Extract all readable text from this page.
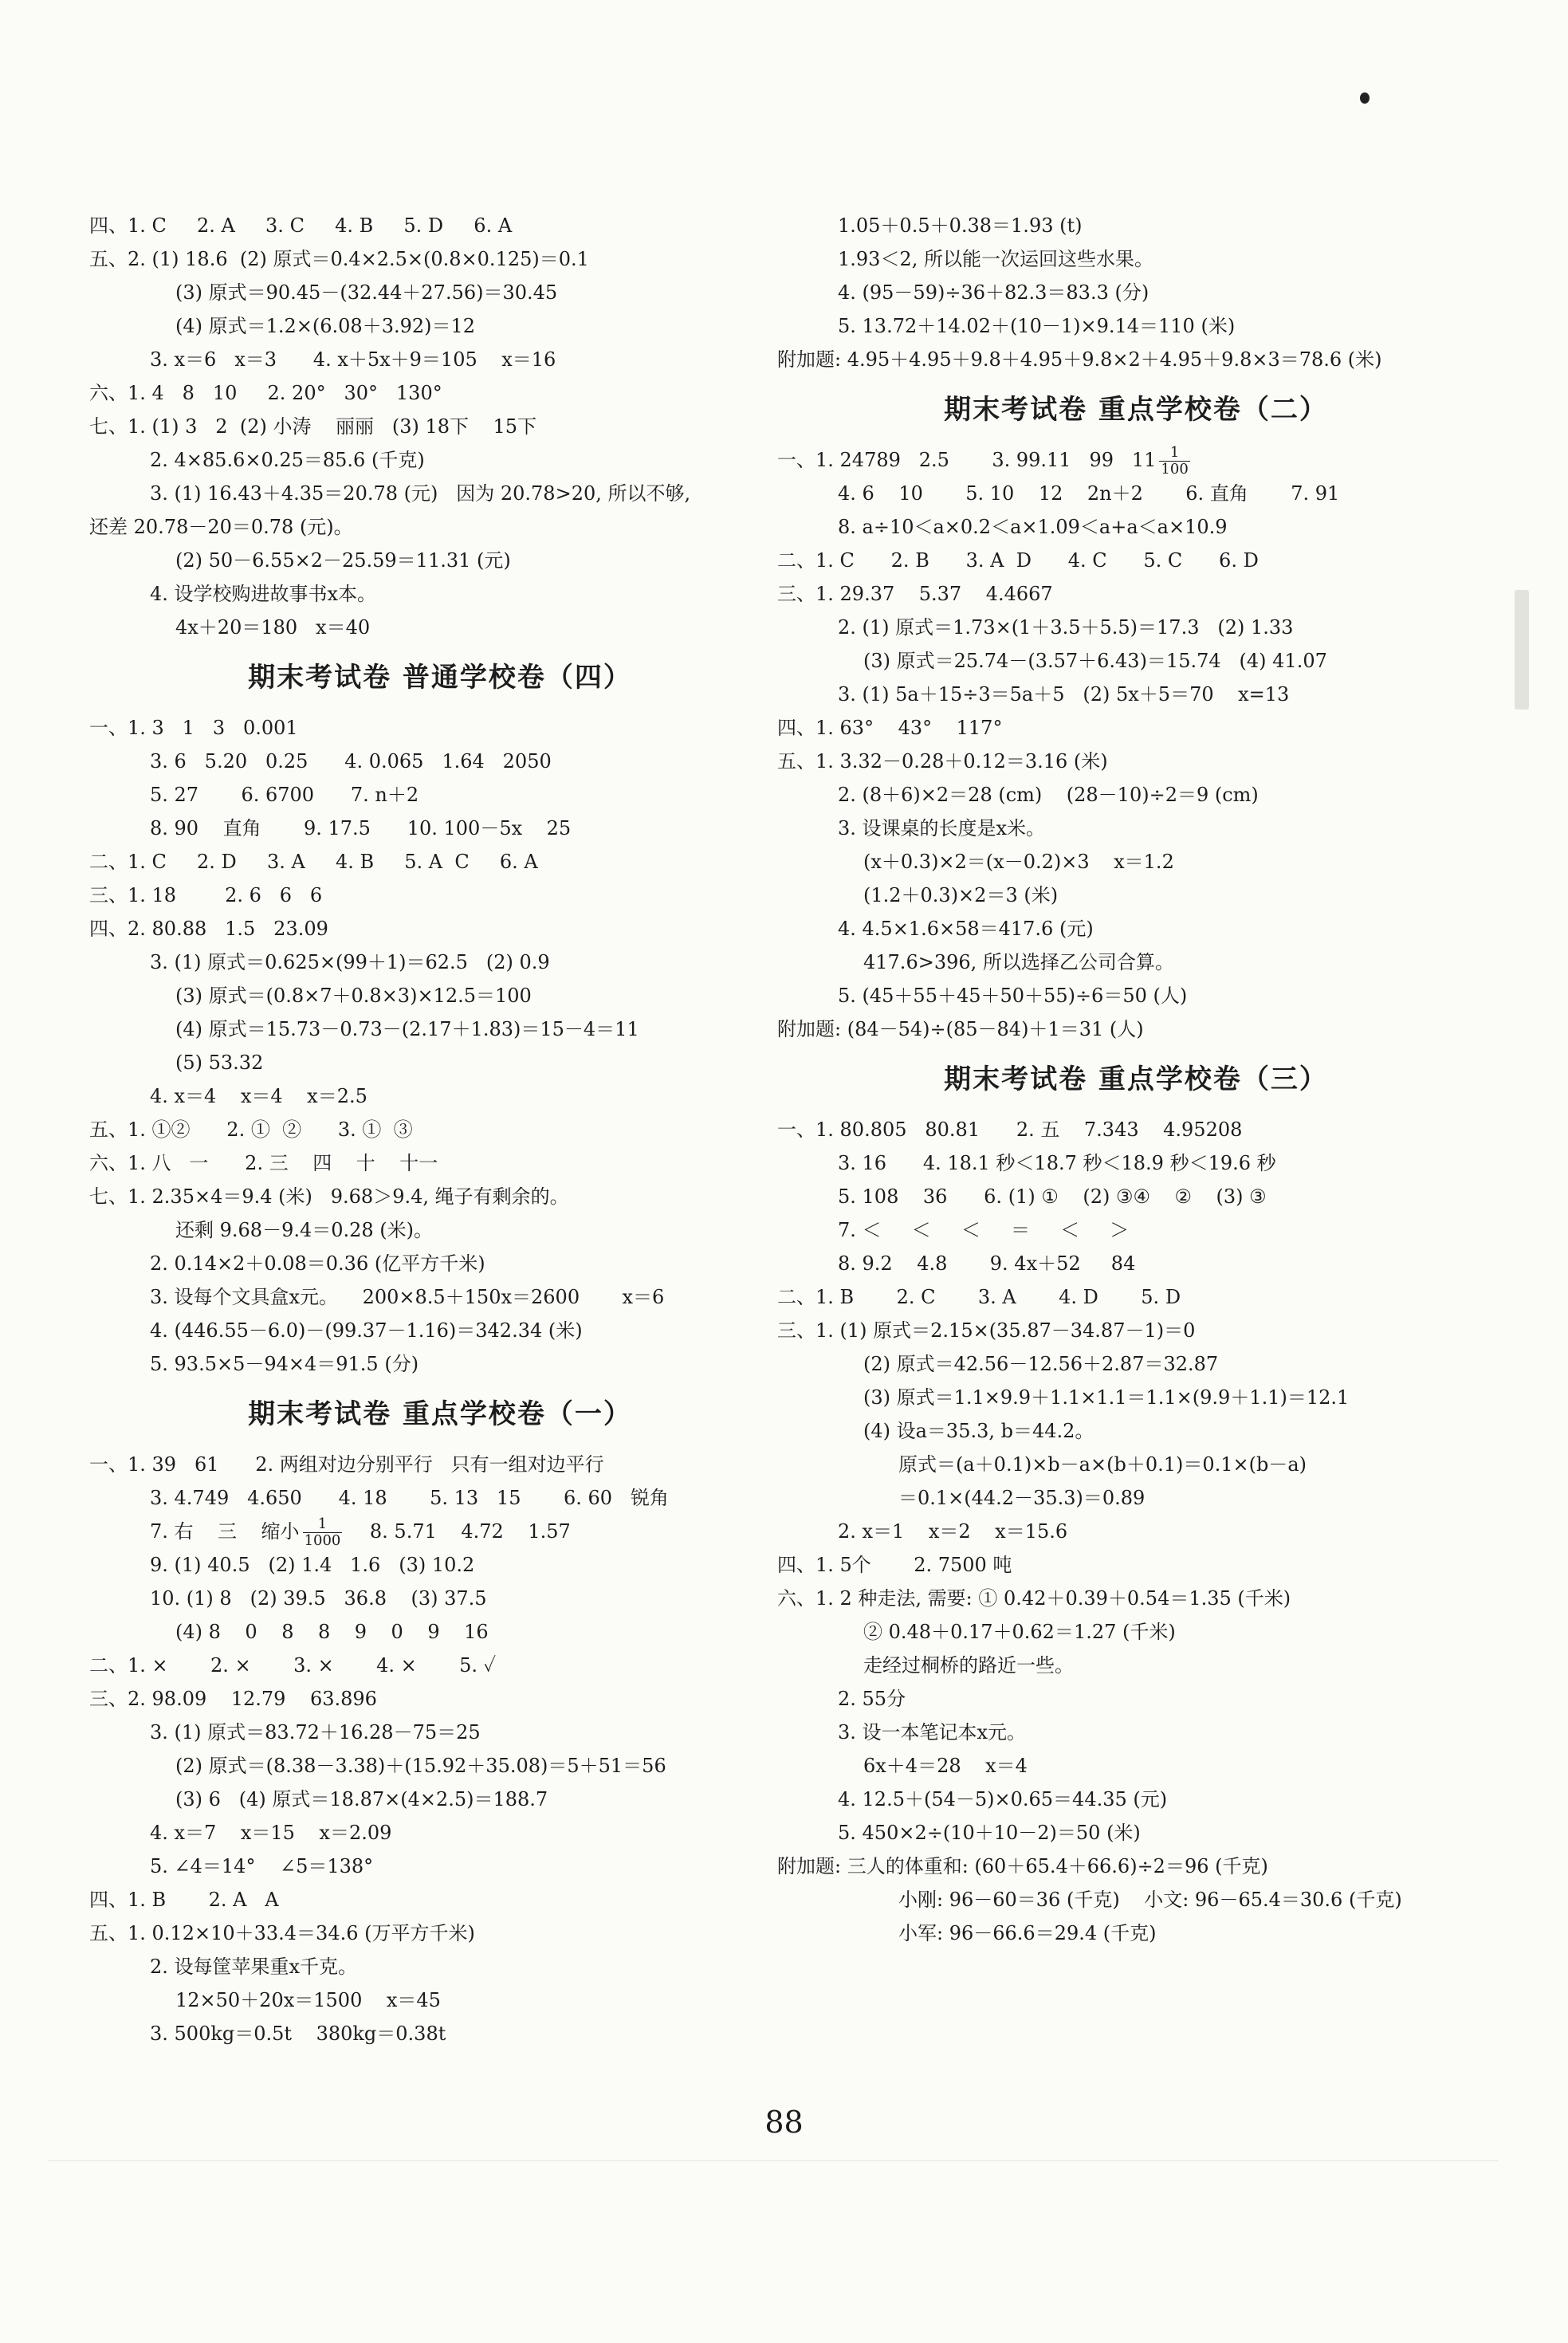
四、1. C     2. A     3. C     4. B     5. D     6. A
五、2. (1) 18.6  (2) 原式＝0.4×2.5×(0.8×0.125)＝0.1
(3) 原式＝90.45－(32.44＋27.56)＝30.45
(4) 原式＝1.2×(6.08＋3.92)＝12
3. x＝6   x＝3      4. x＋5x＋9＝105    x＝16
六、1. 4   8   10     2. 20°   30°   130°
七、1. (1) 3   2  (2) 小涛    丽丽   (3) 18下    15下
2. 4×85.6×0.25＝85.6 (千克)
3. (1) 16.43＋4.35＝20.78 (元)   因为 20.78>20, 所以不够,
还差 20.78－20＝0.78 (元)。
(2) 50－6.55×2－25.59＝11.31 (元)
4. 设学校购进故事书x本。
4x＋20＝180   x＝40
期末考试卷 普通学校卷（四）
一、1. 3   1   3   0.001
3. 6   5.20   0.25      4. 0.065   1.64   2050
5. 27       6. 6700      7. n＋2
8. 90    直角       9. 17.5      10. 100－5x    25
二、1. C     2. D     3. A     4. B     5. A  C     6. A
三、1. 18        2. 6   6   6
四、2. 80.88   1.5   23.09
3. (1) 原式＝0.625×(99＋1)＝62.5   (2) 0.9
(3) 原式＝(0.8×7＋0.8×3)×12.5＝100
(4) 原式＝15.73－0.73－(2.17＋1.83)＝15－4＝11
(5) 53.32
4. x＝4    x＝4    x＝2.5
五、1. ①②      2. ①  ②      3. ①  ③
六、1. 八   一      2. 三    四    十    十一
七、1. 2.35×4＝9.4 (米)   9.68＞9.4, 绳子有剩余的。
还剩 9.68－9.4＝0.28 (米)。
2. 0.14×2＋0.08＝0.36 (亿平方千米)
3. 设每个文具盒x元。    200×8.5＋150x＝2600       x＝6
4. (446.55－6.0)－(99.37－1.16)＝342.34 (米)
5. 93.5×5－94×4＝91.5 (分)
期末考试卷 重点学校卷（一）
一、1. 39   61      2. 两组对边分别平行   只有一组对边平行
3. 4.749   4.650      4. 18       5. 13   15       6. 60   锐角
7. 右    三    缩小 $\frac{1}{1000} 8$. 5.71    4.72    1.57
9. (1) 40.5   (2) 1.4   1.6   (3) 10.2
10. (1) 8   (2) 39.5   36.8    (3) 37.5
(4) 8    0    8    8    9    0    9    16
二、1. ×       2. ×       3. ×       4. ×       5. ✓
三、2. 98.09    12.79    63.896
3. (1) 原式＝83.72＋16.28－75＝25
(2) 原式＝(8.38－3.38)＋(15.92＋35.08)＝5＋51＝56
(3) 6   (4) 原式＝18.87×(4×2.5)＝188.7
4. x＝7    x＝15    x＝2.09
5. ∠4＝14°    ∠5＝138°
四、1. B       2. A   A
五、1. 0.12×10＋33.4＝34.6 (万平方千米)
2. 设每筐苹果重x千克。
12×50＋20x＝1500    x＝45
3. 500kg＝0.5t    380kg＝0.38t
1.05＋0.5＋0.38＝1.93 (t)
1.93＜2, 所以能一次运回这些水果。
4. (95－59)÷36＋82.3＝83.3 (分)
5. 13.72＋14.02＋(10－1)×9.14＝110 (米)
附加题: 4.95＋4.95＋9.8＋4.95＋9.8×2＋4.95＋9.8×3＝78.6 (米)
期末考试卷 重点学校卷（二）
一、1. 24789   2.5       3. 99.11   99   $11 \frac{1}{100}$
4. 6    10       5. 10    12    2n＋2       6. 直角       7. 91
8. a÷10＜a×0.2＜a×1.09＜a+a＜a×10.9
二、1. C      2. B      3. A  D      4. C      5. C      6. D
三、1. 29.37    5.37    4.4667
2. (1) 原式＝1.73×(1＋3.5＋5.5)＝17.3   (2) 1.33
(3) 原式＝25.74－(3.57＋6.43)＝15.74   (4) 41.07
3. (1) 5a＋15÷3＝5a＋5   (2) 5x＋5＝70    x=13
四、1. 63°    43°    117°
五、1. 3.32－0.28＋0.12＝3.16 (米)
2. (8＋6)×2＝28 (cm)    (28－10)÷2＝9 (cm)
3. 设课桌的长度是x米。
(x＋0.3)×2＝(x－0.2)×3    x＝1.2
(1.2＋0.3)×2＝3 (米)
4. 4.5×1.6×58＝417.6 (元)
417.6>396, 所以选择乙公司合算。
5. (45＋55＋45＋50＋55)÷6＝50 (人)
附加题: (84－54)÷(85－84)＋1＝31 (人)
期末考试卷 重点学校卷（三）
一、1. 80.805   80.81      2. 五    7.343    4.95208
3. 16      4. 18.1 秒＜18.7 秒＜18.9 秒＜19.6 秒
5. 108    36      6. (1) ①    (2) ③④    ②    (3) ③
7. ＜     ＜     ＜     ＝     ＜     ＞
8. 9.2    4.8       9. 4x＋52     84
二、1. B       2. C       3. A       4. D       5. D
三、1. (1) 原式＝2.15×(35.87－34.87－1)＝0
(2) 原式＝42.56－12.56＋2.87＝32.87
(3) 原式＝1.1×9.9＋1.1×1.1＝1.1×(9.9＋1.1)＝12.1
(4) 设a＝35.3, b＝44.2。
原式＝(a＋0.1)×b－a×(b＋0.1)＝0.1×(b－a)
＝0.1×(44.2－35.3)＝0.89
2. x＝1    x＝2    x＝15.6
四、1. 5个       2. 7500 吨
六、1. 2 种走法, 需要: ① 0.42＋0.39＋0.54＝1.35 (千米)
② 0.48＋0.17＋0.62＝1.27 (千米)
走经过桐桥的路近一些。
2. 55分
3. 设一本笔记本x元。
6x＋4＝28    x＝4
4. 12.5＋(54－5)×0.65＝44.35 (元)
5. 450×2÷(10＋10－2)＝50 (米)
附加题: 三人的体重和: (60＋65.4＋66.6)÷2＝96 (千克)
小刚: 96－60＝36 (千克)    小文: 96－65.4＝30.6 (千克)
小军: 96－66.6＝29.4 (千克)
88
